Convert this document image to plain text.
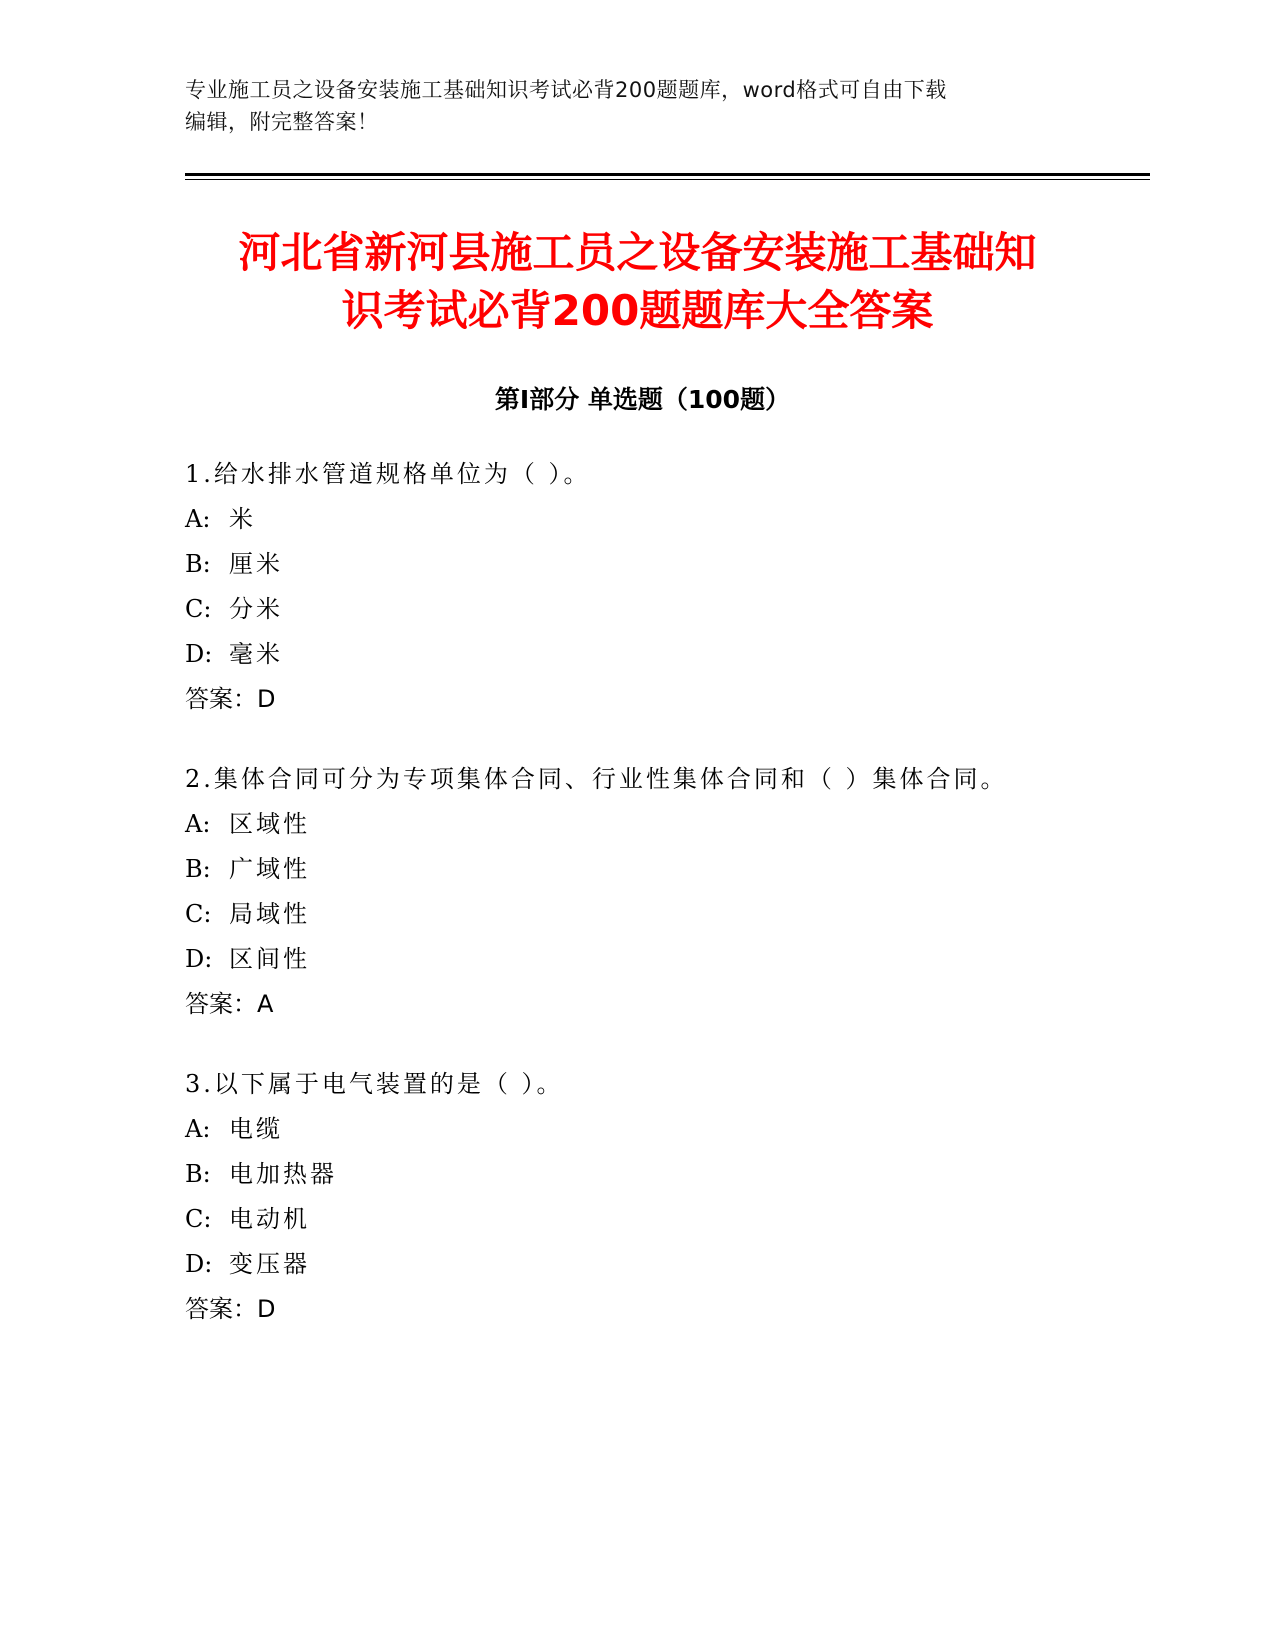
专业施工员之设备安装施工基础知识考试必背200题题库，word格式可自由下载
编辑，附完整答案！
河北省新河县施工员之设备安装施工基础知
识考试必背200题题库大全答案
第Ⅰ部分 单选题（100题）
1.给水排水管道规格单位为（ ）。
A: 米
B: 厘米
C: 分米
D: 毫米
答案：D
2.集体合同可分为专项集体合同、行业性集体合同和（ ）集体合同。
A: 区域性
B: 广域性
C: 局域性
D: 区间性
答案：A
3.以下属于电气装置的是（ ）。
A: 电缆
B: 电加热器
C: 电动机
D: 变压器
答案：D
